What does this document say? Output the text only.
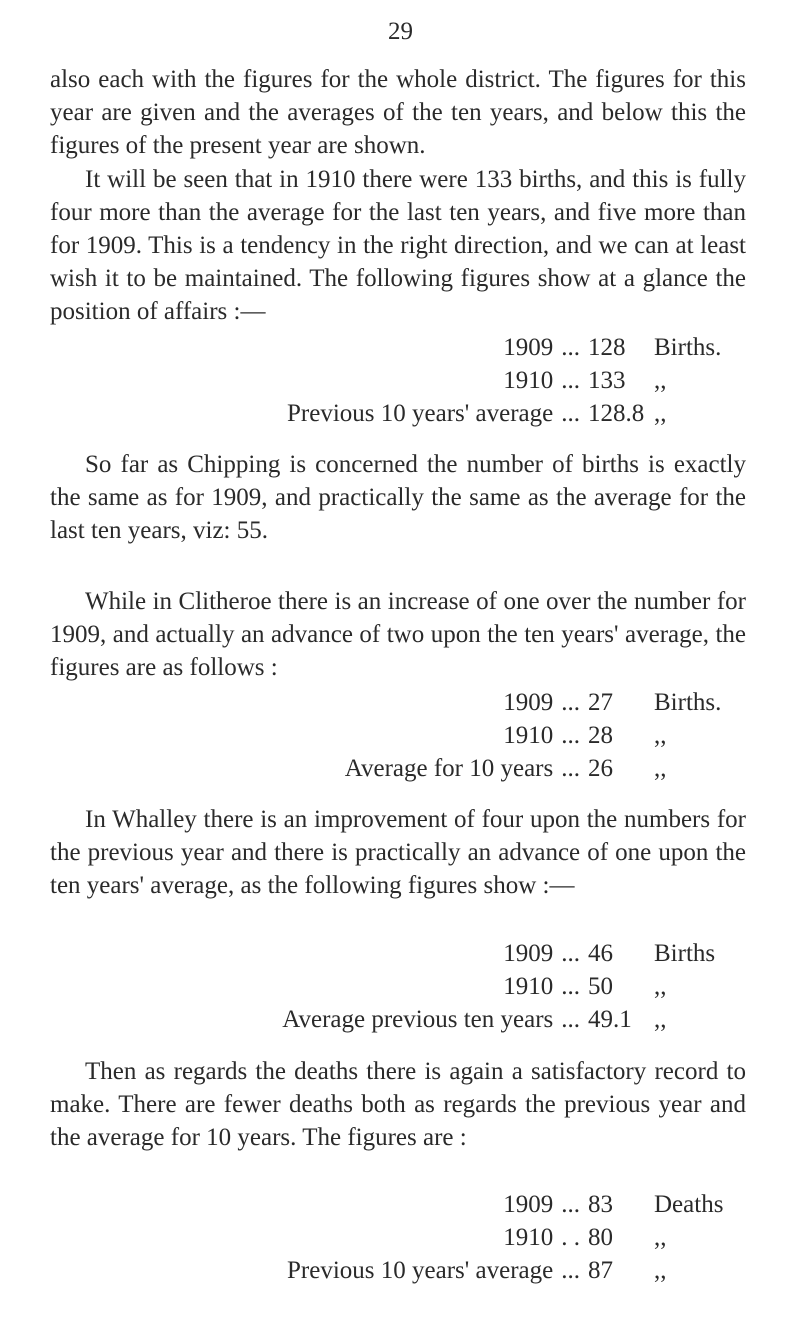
29

also each with the figures for the whole district. The figures for this year are given and the averages of the ten years, and below this the figures of the present year are shown.

It will be seen that in 1910 there were 133 births, and this is fully four more than the average for the last ten years, and five more than for 1909. This is a tendency in the right direction, and we can at least wish it to be maintained. The following figures show at a glance the position of affairs :—

1909 ... 128	Births.
1910 ... 133	,,
Previous 10 years' average ... 128.8 ,,

So far as Chipping is concerned the number of births is exactly the same as for 1909, and practically the same as the average for the last ten years, viz: 55.

While in Clitheroe there is an increase of one over the number for 1909, and actually an advance of two upon the ten years' average, the figures are as follows :

1909 ... 27	Births.
1910 ... 28	,,
Average for 10 years ... 26	,,

In Whalley there is an improvement of four upon the numbers for the previous year and there is practically an advance of one upon the ten years' average, as the following figures show :—

1909 ... 46	Births
1910 ... 50	,,
Average previous ten years ... 49.1 ,,

Then as regards the deaths there is again a satisfactory record to make. There are fewer deaths both as regards the previous year and the average for 10 years. The figures are :

1909 ... 83	Deaths
1910 . . 80	,,
Previous 10 years' average ... 87	,,
